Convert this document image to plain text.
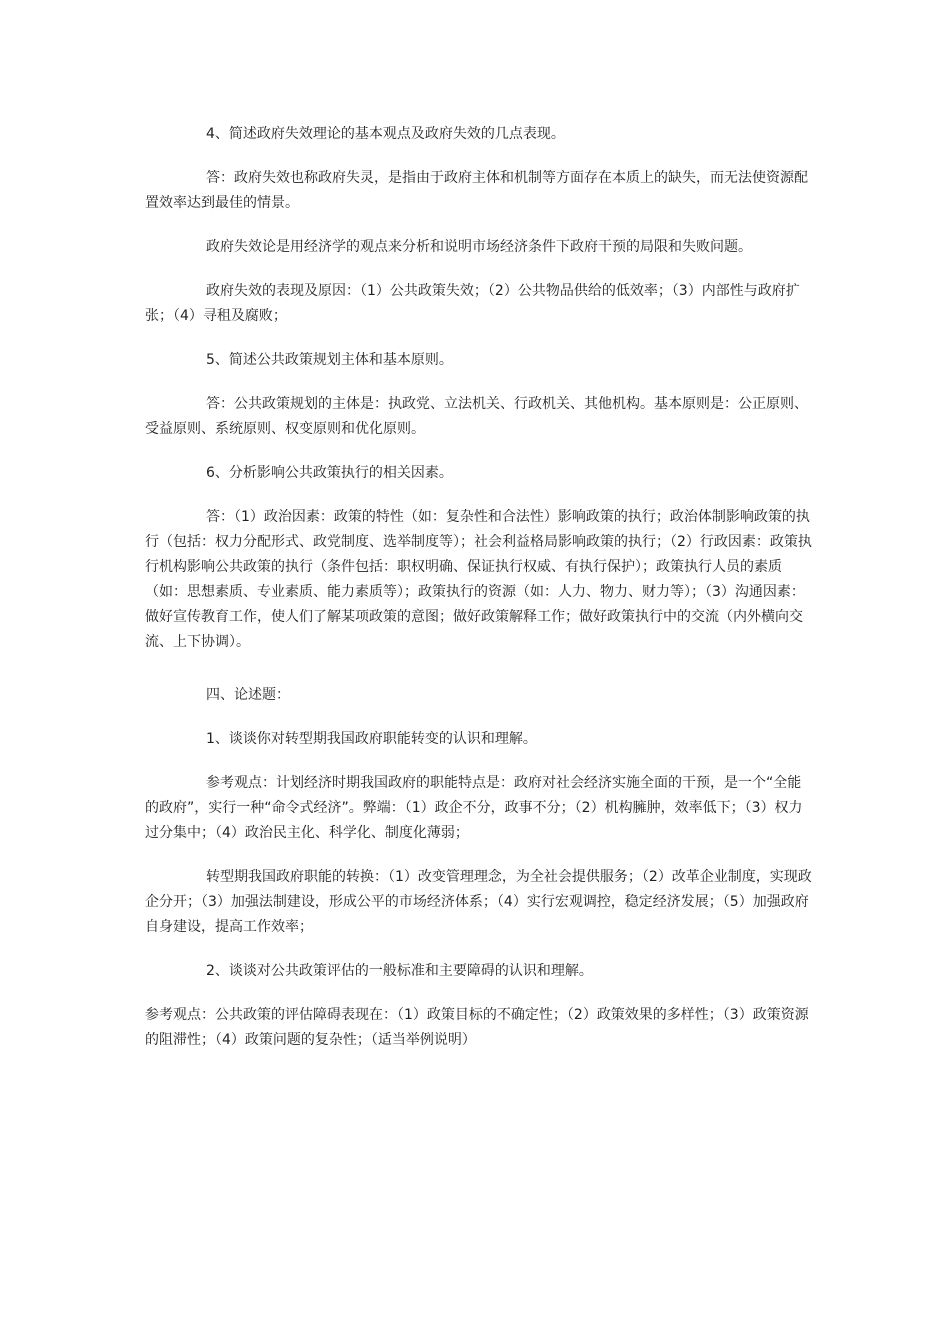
4、简述政府失效理论的基本观点及政府失效的几点表现。

答：政府失效也称政府失灵，是指由于政府主体和机制等方面存在本质上的缺失，而无法使资源配置效率达到最佳的情景。

政府失效论是用经济学的观点来分析和说明市场经济条件下政府干预的局限和失败问题。

政府失效的表现及原因：（1）公共政策失效；（2）公共物品供给的低效率；（3）内部性与政府扩张；（4）寻租及腐败；

5、简述公共政策规划主体和基本原则。

答：公共政策规划的主体是：执政党、立法机关、行政机关、其他机构。基本原则是：公正原则、受益原则、系统原则、权变原则和优化原则。

6、分析影响公共政策执行的相关因素。

答：（1）政治因素：政策的特性（如：复杂性和合法性）影响政策的执行；政治体制影响政策的执行（包括：权力分配形式、政党制度、选举制度等）；社会利益格局影响政策的执行；（2）行政因素：政策执行机构影响公共政策的执行（条件包括：职权明确、保证执行权威、有执行保护）；政策执行人员的素质（如：思想素质、专业素质、能力素质等）；政策执行的资源（如：人力、物力、财力等）；（3）沟通因素：做好宣传教育工作，使人们了解某项政策的意图；做好政策解释工作；做好政策执行中的交流（内外横向交流、上下协调）。

四、论述题：

1、谈谈你对转型期我国政府职能转变的认识和理解。

参考观点：计划经济时期我国政府的职能特点是：政府对社会经济实施全面的干预，是一个“全能的政府”，实行一种“命令式经济”。弊端：（1）政企不分，政事不分；（2）机构臃肿，效率低下；（3）权力过分集中；（4）政治民主化、科学化、制度化薄弱；

转型期我国政府职能的转换：（1）改变管理理念，为全社会提供服务；（2）改革企业制度，实现政企分开；（3）加强法制建设，形成公平的市场经济体系；（4）实行宏观调控，稳定经济发展；（5）加强政府自身建设，提高工作效率；

2、谈谈对公共政策评估的一般标准和主要障碍的认识和理解。

参考观点：公共政策的评估障碍表现在：（1）政策目标的不确定性；（2）政策效果的多样性；（3）政策资源的阻滞性；（4）政策问题的复杂性；（适当举例说明）
